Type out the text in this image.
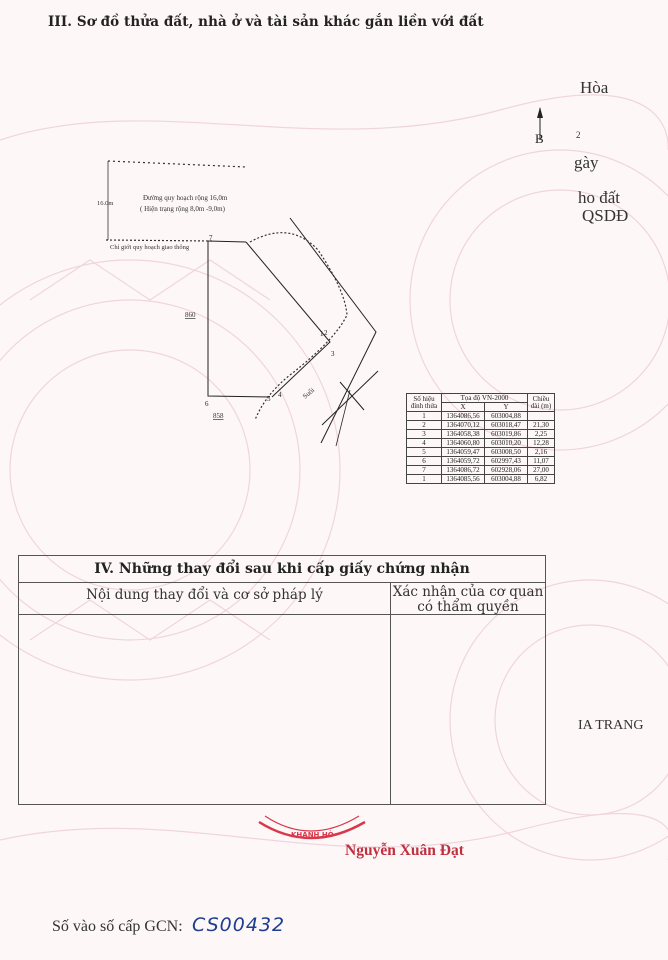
III. Sơ đồ thửa đất, nhà ở và tài sản khác gắn liền với đất
Hòa
2
gày
ho đất
QSDĐ
IA TRANG
B
16.0m
Đường quy hoạch rộng 16,0m
( Hiện trạng rộng 8,0m -9,0m)
Chỉ giới quy hoạch giao thông
860
858
Suối
1 2
3
4
5
6
7
Số hiệu đỉnh thửa	Tọa độ VN-2000		Chiều dài (m)
	X	Y	
1	1364086,56	603004,88	
2	1364070,12	603018,47	21,30
3	1364058,38	603019,86	2,25
4	1364060,80	603010,20	12,28
5	1364059,47	603008,50	2,16
6	1364059,72	602997,43	11,07
7	1364086,72	602928,06	27,00
1	1364085,56	603004,88	6,82
IV. Những thay đổi sau khi cấp giấy chứng nhận
Nội dung thay đổi và cơ sở pháp lý	Xác nhận của cơ quan
có thẩm quyền
KHÁNH HÒ
Nguyễn Xuân Đạt
Số vào số cấp GCN: CS00432
